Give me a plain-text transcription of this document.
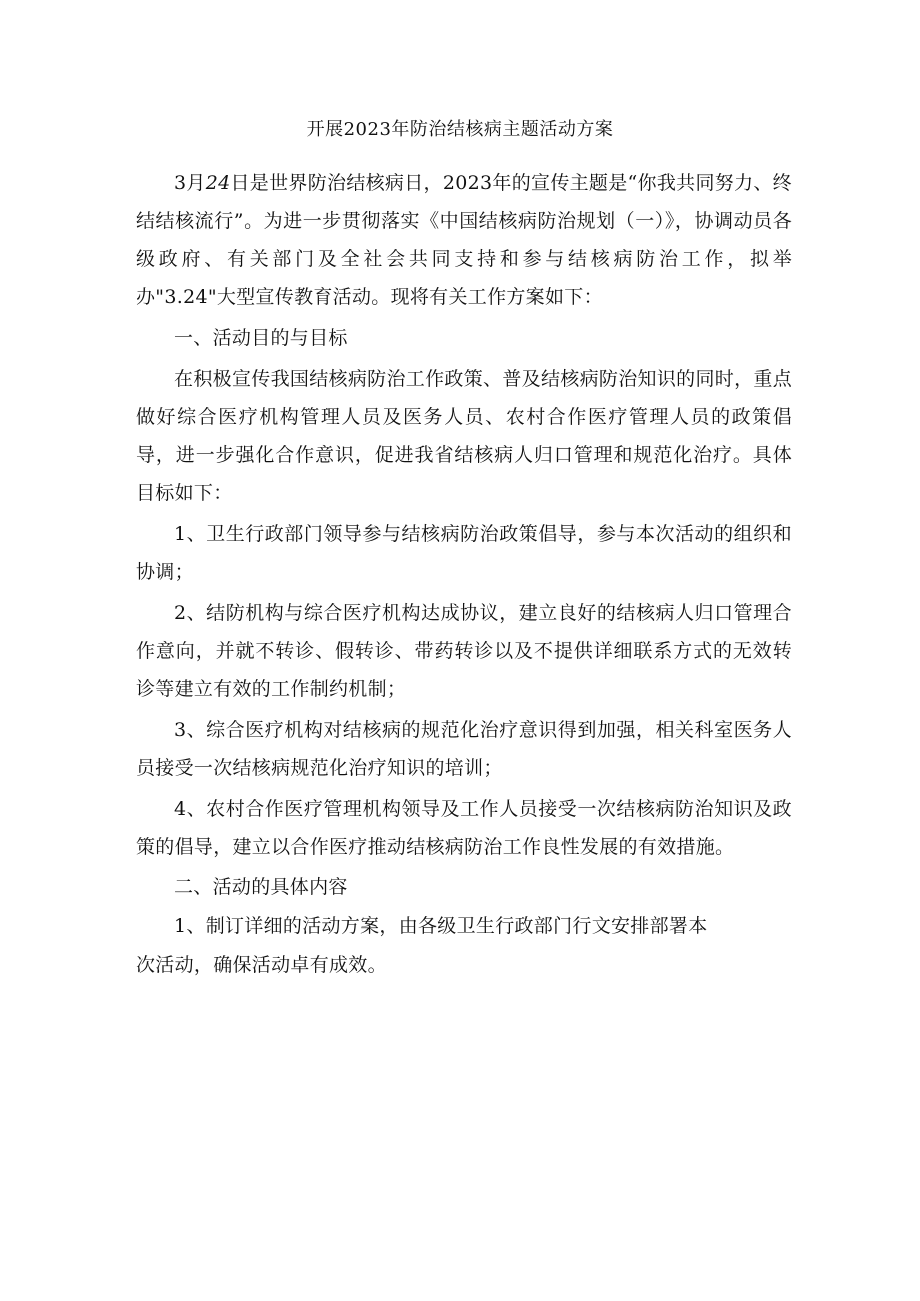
开展2023年防治结核病主题活动方案

3月24日是世界防治结核病日，2023年的宣传主题是“你我共同努力、终结结核流行”。为进一步贯彻落实《中国结核病防治规划（一）》，协调动员各级政府、有关部门及全社会共同支持和参与结核病防治工作，拟举办"3.24"大型宣传教育活动。现将有关工作方案如下：

一、活动目的与目标

在积极宣传我国结核病防治工作政策、普及结核病防治知识的同时，重点做好综合医疗机构管理人员及医务人员、农村合作医疗管理人员的政策倡导，进一步强化合作意识，促进我省结核病人归口管理和规范化治疗。具体目标如下：

1、卫生行政部门领导参与结核病防治政策倡导，参与本次活动的组织和协调；

2、结防机构与综合医疗机构达成协议，建立良好的结核病人归口管理合作意向，并就不转诊、假转诊、带药转诊以及不提供详细联系方式的无效转诊等建立有效的工作制约机制；

3、综合医疗机构对结核病的规范化治疗意识得到加强，相关科室医务人员接受一次结核病规范化治疗知识的培训；

4、农村合作医疗管理机构领导及工作人员接受一次结核病防治知识及政策的倡导，建立以合作医疗推动结核病防治工作良性发展的有效措施。

二、活动的具体内容

1、制订详细的活动方案，由各级卫生行政部门行文安排部署本

次活动，确保活动卓有成效。
